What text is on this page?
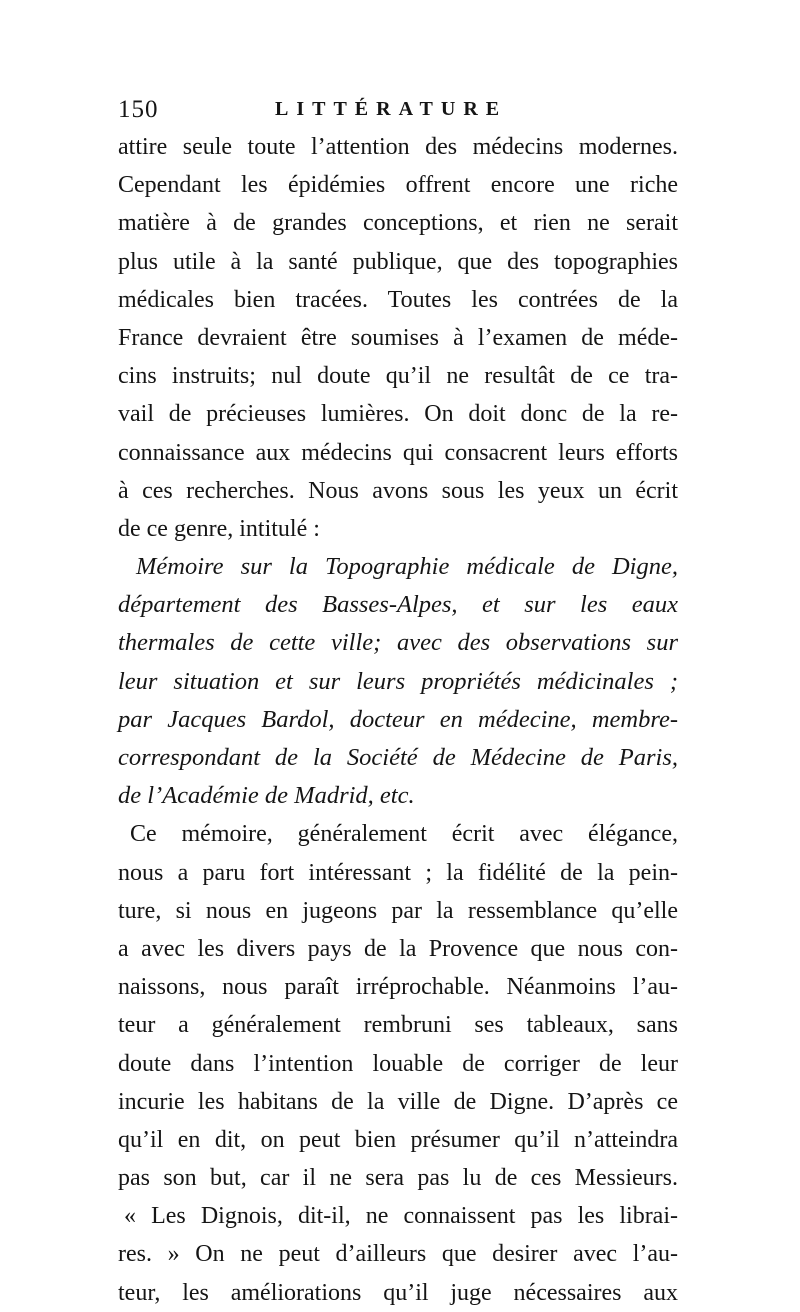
150	LITTÉRATURE
attire seule toute l’attention des médecins modernes.
Cependant les épidémies offrent encore une riche
matière à de grandes conceptions, et rien ne serait
plus utile à la santé publique, que des topographies
médicales bien tracées. Toutes les contrées de la
France devraient être soumises à l’examen de méde-
cins instruits; nul doute qu’il ne resultât de ce tra-
vail de précieuses lumières. On doit donc de la re-
connaissance aux médecins qui consacrent leurs efforts
à ces recherches. Nous avons sous les yeux un écrit
de ce genre, intitulé :
Mémoire sur la Topographie médicale de Digne,
département des Basses-Alpes, et sur les eaux
thermales de cette ville; avec des observations sur
leur situation et sur leurs propriétés médicinales ;
par Jacques Bardol, docteur en médecine, membre-
correspondant de la Société de Médecine de Paris,
de l’Académie de Madrid, etc.
Ce mémoire, généralement écrit avec élégance,
nous a paru fort intéressant ; la fidélité de la pein-
ture, si nous en jugeons par la ressemblance qu’elle
a avec les divers pays de la Provence que nous con-
naissons, nous paraît irréprochable. Néanmoins l’au-
teur a généralement rembruni ses tableaux, sans
doute dans l’intention louable de corriger de leur
incurie les habitans de la ville de Digne. D’après ce
qu’il en dit, on peut bien présumer qu’il n’atteindra
pas son but, car il ne sera pas lu de ces Messieurs.
« Les Dignois, dit-il, ne connaissent pas les librai-
res. » On ne peut d’ailleurs que desirer avec l’au-
teur, les améliorations qu’il juge nécessaires aux
